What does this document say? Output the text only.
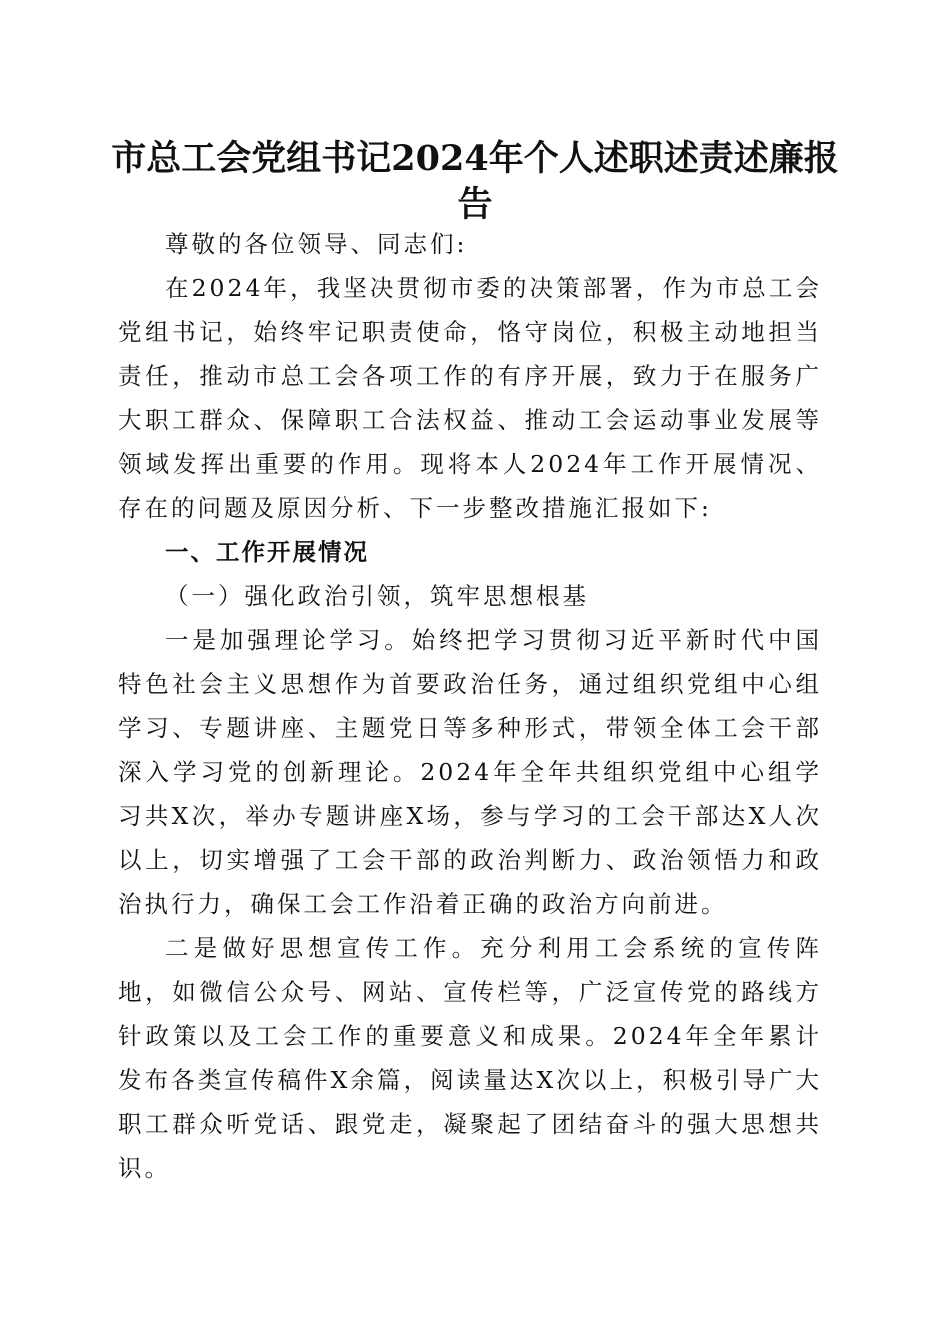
市总工会党组书记2024年个人述职述责述廉报告

尊敬的各位领导、同志们:

在2024年，我坚决贯彻市委的决策部署，作为市总工会党组书记，始终牢记职责使命，恪守岗位，积极主动地担当责任，推动市总工会各项工作的有序开展，致力于在服务广大职工群众、保障职工合法权益、推动工会运动事业发展等领域发挥出重要的作用。现将本人2024年工作开展情况、存在的问题及原因分析、下一步整改措施汇报如下:

一、工作开展情况

（一）强化政治引领，筑牢思想根基

一是加强理论学习。始终把学习贯彻习近平新时代中国特色社会主义思想作为首要政治任务，通过组织党组中心组学习、专题讲座、主题党日等多种形式，带领全体工会干部深入学习党的创新理论。2024年全年共组织党组中心组学习共X次，举办专题讲座X场，参与学习的工会干部达X人次以上，切实增强了工会干部的政治判断力、政治领悟力和政治执行力，确保工会工作沿着正确的政治方向前进。

二是做好思想宣传工作。充分利用工会系统的宣传阵地，如微信公众号、网站、宣传栏等，广泛宣传党的路线方针政策以及工会工作的重要意义和成果。2024年全年累计发布各类宣传稿件X余篇，阅读量达X次以上，积极引导广大职工群众听党话、跟党走，凝聚起了团结奋斗的强大思想共识。
